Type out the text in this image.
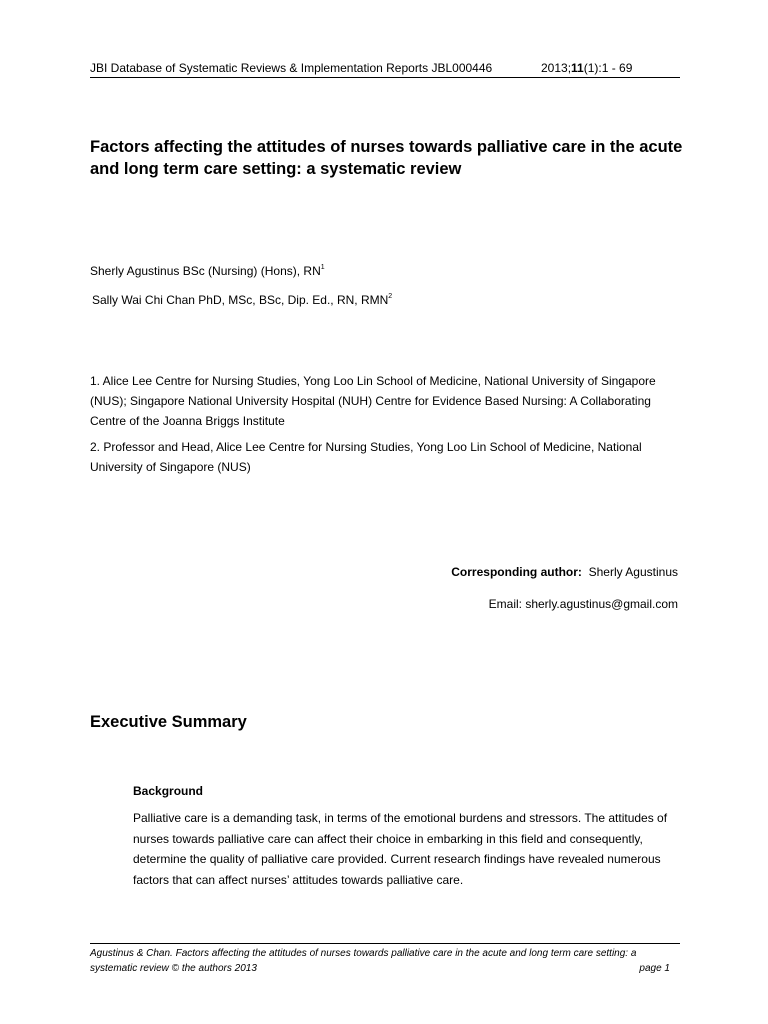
JBI Database of Systematic Reviews & Implementation Reports JBL000446	2013;11(1):1 - 69
Factors affecting the attitudes of nurses towards palliative care in the acute and long term care setting: a systematic review
Sherly Agustinus BSc (Nursing) (Hons), $RN^1$
Sally Wai Chi Chan PhD, MSc, BSc, Dip. Ed., RN, RMN$^2$

1. Alice Lee Centre for Nursing Studies, Yong Loo Lin School of Medicine, National University of Singapore (NUS); Singapore National University Hospital (NUH) Centre for Evidence Based Nursing: A Collaborating Centre of the Joanna Briggs Institute

2. Professor and Head, Alice Lee Centre for Nursing Studies, Yong Loo Lin School of Medicine, National University of Singapore (NUS)

Corresponding author: Sherly Agustinus
Email: sherly.agustinus@gmail.com
Executive Summary
Background

Palliative care is a demanding task, in terms of the emotional burdens and stressors. The attitudes of nurses towards palliative care can affect their choice in embarking in this field and consequently, determine the quality of palliative care provided. Current research findings have revealed numerous factors that can affect nurses’ attitudes towards palliative care.

Agustinus & Chan. Factors affecting the attitudes of nurses towards palliative care in the acute and long term care setting: a systematic review © the authors 2013	page 1
